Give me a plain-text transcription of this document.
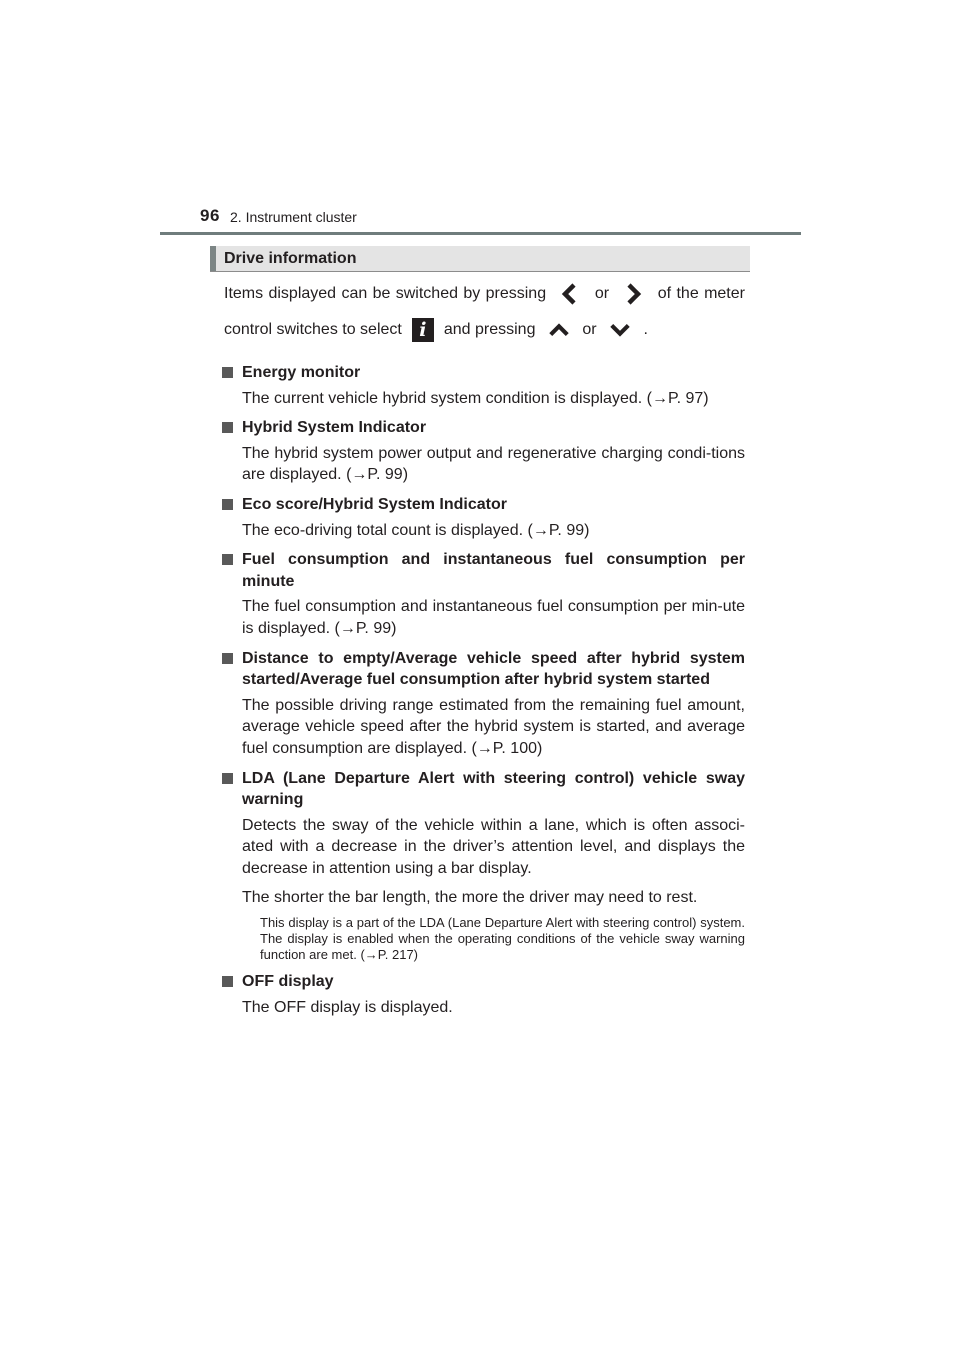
96 2. Instrument cluster
Drive information

Items displayed can be switched by pressing	or	of the meter

control switches to select i and pressing	or	.

Energy monitor
The current vehicle hybrid system condition is displayed. (→P. 97)
Hybrid System Indicator
The hybrid system power output and regenerative charging condi-tions are displayed. (→P. 99)
Eco score/Hybrid System Indicator
The eco-driving total count is displayed. (→P. 99)
Fuel consumption and instantaneous fuel consumption per minute
The fuel consumption and instantaneous fuel consumption per min-ute is displayed. (→P. 99)
Distance to empty/Average vehicle speed after hybrid system started/Average fuel consumption after hybrid system started
The possible driving range estimated from the remaining fuel amount, average vehicle speed after the hybrid system is started, and average fuel consumption are displayed. (→P. 100)
LDA (Lane Departure Alert with steering control) vehicle sway warning
Detects the sway of the vehicle within a lane, which is often associ-ated with a decrease in the driver’s attention level, and displays the decrease in attention using a bar display.
The shorter the bar length, the more the driver may need to rest.
This display is a part of the LDA (Lane Departure Alert with steering control) system. The display is enabled when the operating conditions of the vehicle sway warning function are met. (→P. 217)
OFF display
The OFF display is displayed.
